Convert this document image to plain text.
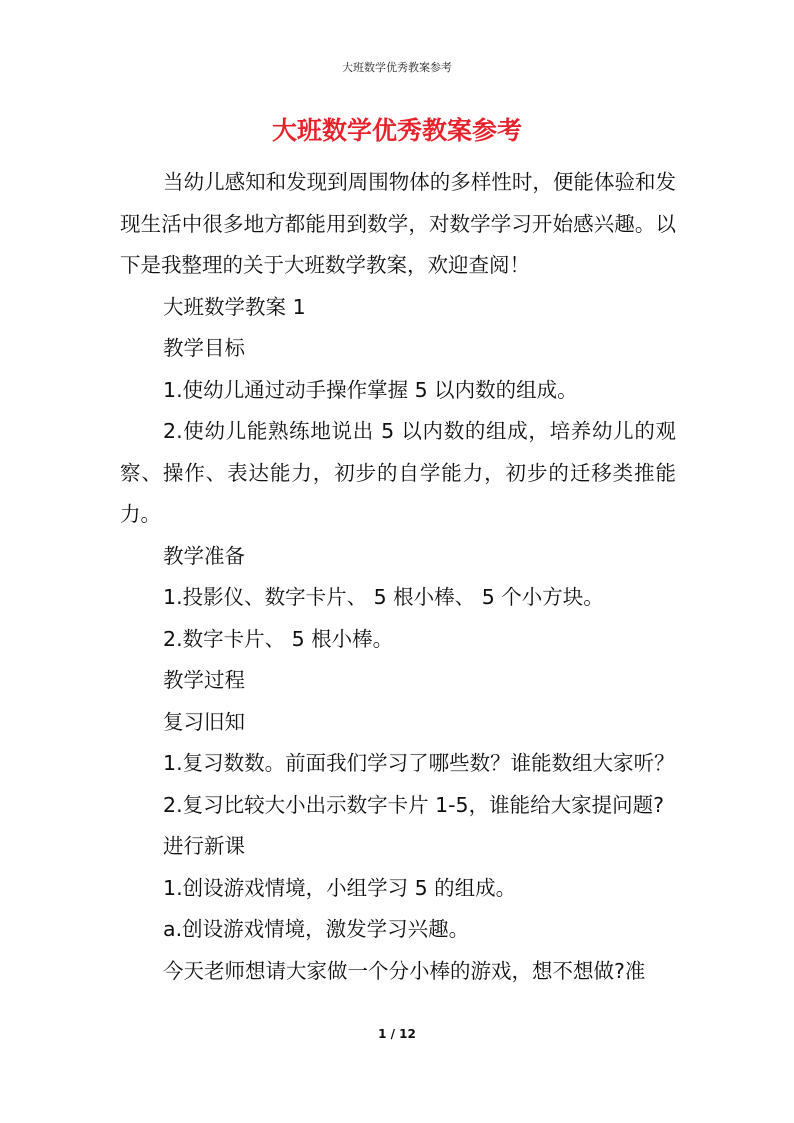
大班数学优秀教案参考
大班数学优秀教案参考

当幼儿感知和发现到周围物体的多样性时，便能体验和发现生活中很多地方都能用到数学，对数学学习开始感兴趣。以下是我整理的关于大班数学教案，欢迎查阅！

大班数学教案 1

教学目标

1.使幼儿通过动手操作掌握 5 以内数的组成。

2.使幼儿能熟练地说出 5 以内数的组成，培养幼儿的观察、操作、表达能力，初步的自学能力，初步的迁移类推能力。

教学准备

1.投影仪、数字卡片、 5 根小棒、 5 个小方块。

2.数字卡片、 5 根小棒。

教学过程

复习旧知

1.复习数数。前面我们学习了哪些数？谁能数组大家听？

2.复习比较大小出示数字卡片 1-5，谁能给大家提问题?

进行新课

1.创设游戏情境，小组学习 5 的组成。

a.创设游戏情境，激发学习兴趣。

今天老师想请大家做一个分小棒的游戏，想不想做?准

1 / 12
